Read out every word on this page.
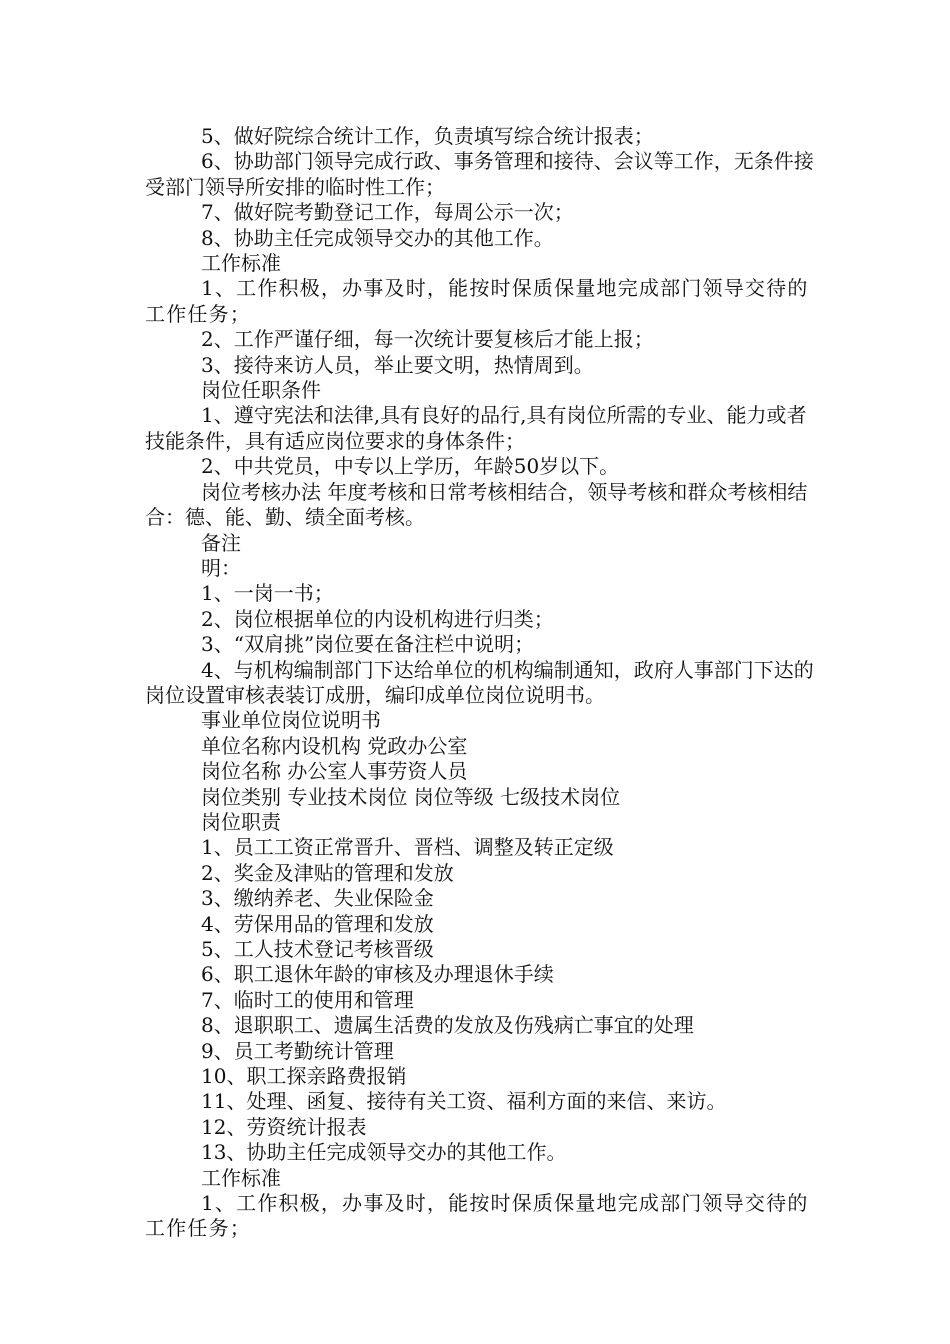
5、做好院综合统计工作，负责填写综合统计报表；

6、协助部门领导完成行政、事务管理和接待、会议等工作，无条件接受部门领导所安排的临时性工作；

7、做好院考勤登记工作，每周公示一次；

8、协助主任完成领导交办的其他工作。

工作标准

1、工作积极，办事及时，能按时保质保量地完成部门领导交待的工作任务；

2、工作严谨仔细，每一次统计要复核后才能上报；

3、接待来访人员，举止要文明，热情周到。

岗位任职条件

1、遵守宪法和法律,具有良好的品行,具有岗位所需的专业、能力或者技能条件，具有适应岗位要求的身体条件；

2、中共党员，中专以上学历，年龄50岁以下。

岗位考核办法 年度考核和日常考核相结合，领导考核和群众考核相结合：德、能、勤、绩全面考核。

备注

明：

1、一岗一书；

2、岗位根据单位的内设机构进行归类；

3、“双肩挑”岗位要在备注栏中说明；

4、与机构编制部门下达给单位的机构编制通知，政府人事部门下达的岗位设置审核表装订成册，编印成单位岗位说明书。

事业单位岗位说明书

单位名称内设机构 党政办公室

岗位名称 办公室人事劳资人员

岗位类别 专业技术岗位 岗位等级 七级技术岗位

岗位职责

1、员工工资正常晋升、晋档、调整及转正定级

2、奖金及津贴的管理和发放

3、缴纳养老、失业保险金

4、劳保用品的管理和发放

5、工人技术登记考核晋级

6、职工退休年龄的审核及办理退休手续

7、临时工的使用和管理

8、退职职工、遗属生活费的发放及伤残病亡事宜的处理

9、员工考勤统计管理

10、职工探亲路费报销

11、处理、函复、接待有关工资、福利方面的来信、来访。

12、劳资统计报表

13、协助主任完成领导交办的其他工作。

工作标准

1、工作积极，办事及时，能按时保质保量地完成部门领导交待的工作任务；
